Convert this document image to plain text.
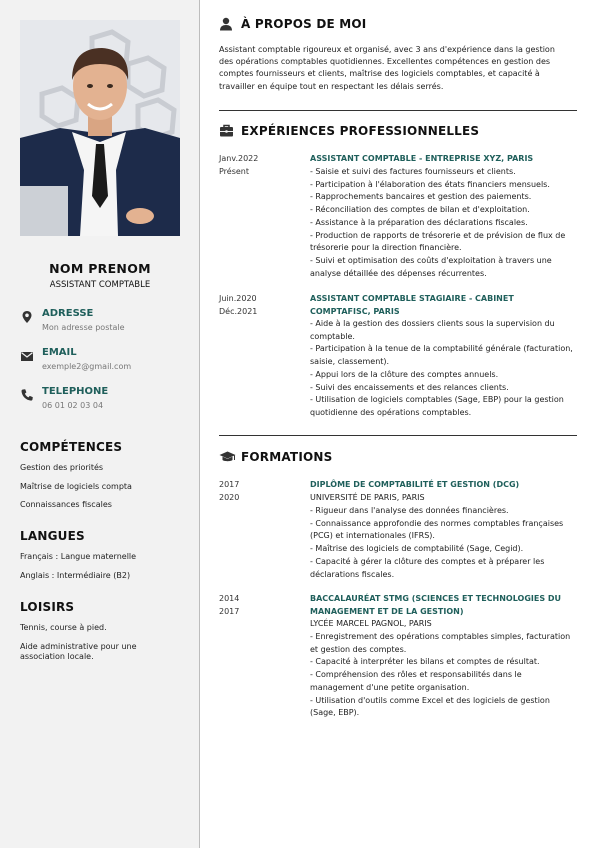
NOM PRENOM
ASSISTANT COMPTABLE
ADRESSE
Mon adresse postale
EMAIL
exemple2@gmail.com
TELEPHONE
06 01 02 03 04
COMPÉTENCES
Gestion des priorités
Maîtrise de logiciels compta
Connaissances fiscales
LANGUES
Français : Langue maternelle
Anglais : Intermédiaire (B2)
LOISIRS
Tennis, course à pied.
Aide administrative pour une association locale.
À PROPOS DE MOI
Assistant comptable rigoureux et organisé, avec 3 ans d'expérience dans la gestion
des opérations comptables quotidiennes. Excellentes compétences en gestion des
comptes fournisseurs et clients, maîtrise des logiciels comptables, et capacité à
travailler en équipe tout en respectant les délais serrés.
EXPÉRIENCES PROFESSIONNELLES
Janv.2022
Présent
ASSISTANT COMPTABLE - ENTREPRISE XYZ, PARIS
- Saisie et suivi des factures fournisseurs et clients.
- Participation à l'élaboration des états financiers mensuels.
- Rapprochements bancaires et gestion des paiements.
- Réconciliation des comptes de bilan et d'exploitation.
- Assistance à la préparation des déclarations fiscales.
- Production de rapports de trésorerie et de prévision de flux de
trésorerie pour la direction financière.
- Suivi et optimisation des coûts d'exploitation à travers une
analyse détaillée des dépenses récurrentes.
Juin.2020
Déc.2021
ASSISTANT COMPTABLE STAGIAIRE - CABINET
COMPTAFISC, PARIS
- Aide à la gestion des dossiers clients sous la supervision du
comptable.
- Participation à la tenue de la comptabilité générale (facturation,
saisie, classement).
- Appui lors de la clôture des comptes annuels.
- Suivi des encaissements et des relances clients.
- Utilisation de logiciels comptables (Sage, EBP) pour la gestion
quotidienne des opérations comptables.
FORMATIONS
2017
2020
DIPLÔME DE COMPTABILITÉ ET GESTION (DCG)
UNIVERSITÉ DE PARIS, PARIS
- Rigueur dans l'analyse des données financières.
- Connaissance approfondie des normes comptables françaises
(PCG) et internationales (IFRS).
- Maîtrise des logiciels de comptabilité (Sage, Cegid).
- Capacité à gérer la clôture des comptes et à préparer les
déclarations fiscales.
2014
2017
BACCALAURÉAT STMG (SCIENCES ET TECHNOLOGIES DU
MANAGEMENT ET DE LA GESTION)
LYCÉE MARCEL PAGNOL, PARIS
- Enregistrement des opérations comptables simples, facturation
et gestion des comptes.
- Capacité à interpréter les bilans et comptes de résultat.
- Compréhension des rôles et responsabilités dans le
management d'une petite organisation.
- Utilisation d'outils comme Excel et des logiciels de gestion
(Sage, EBP).
